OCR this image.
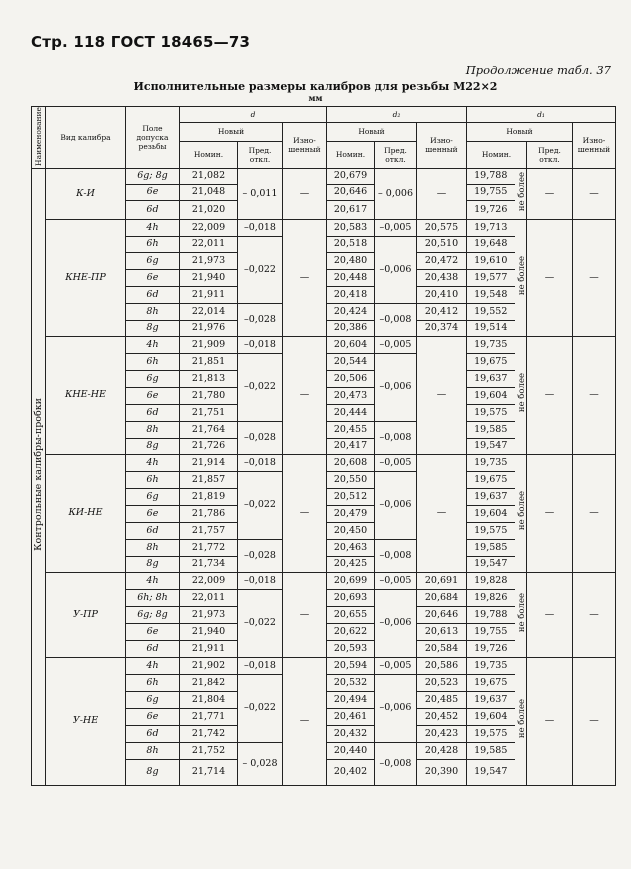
Стр. 118 ГОСТ 18465—73
Продолжение табл. 37
Исполнительные размеры калибров для резьбы M22×2
мм
Наименование	Вид калибра	Поле допуска резьбы	d			d₂			d₁			
			Новый		Изно-шенный	Новый		Изно-шенный	Новый			Изно-шенный
			Номин.	Пред. откл.		Номин.	Пред. откл.		Номин.		Пред. откл.	
Контрольные калибры-пробки	К-И	6g; 8g	21,082	– 0,011	—	20,679	– 0,006	—	19,788	не более	—	—
		6e	21,048			20,646			19,755			
		6d	21,020			20,617			19,726			
	КНЕ-ПР	4h	22,009	–0,018	—	20,583	–0,005	20,575	19,713	не более	—	—
		6h	22,011	–0,022		20,518	–0,006	20,510	19,648			
		6g	21,973			20,480		20,472	19,610			
		6e	21,940			20,448		20,438	19,577			
		6d	21,911			20,418		20,410	19,548			
		8h	22,014	–0,028		20,424	–0,008	20,412	19,552			
		8g	21,976			20,386		20,374	19,514			
	КНЕ-НЕ	4h	21,909	–0,018	—	20,604	–0,005	—	19,735	не более	—	—
		6h	21,851	–0,022		20,544	–0,006		19,675			
		6g	21,813			20,506			19,637			
		6e	21,780			20,473			19,604			
		6d	21,751			20,444			19,575			
		8h	21,764	–0,028		20,455	–0,008		19,585			
		8g	21,726			20,417			19,547			
	КИ-НЕ	4h	21,914	–0,018	—	20,608	–0,005	—	19,735	не более	—	—
		6h	21,857	–0,022		20,550	–0,006		19,675			
		6g	21,819			20,512			19,637			
		6e	21,786			20,479			19,604			
		6d	21,757			20,450			19,575			
		8h	21,772	–0,028		20,463	–0,008		19,585			
		8g	21,734			20,425			19,547			
	У-ПР	4h	22,009	–0,018	—	20,699	–0,005	20,691	19,828	не более	—	—
		6h; 8h	22,011	–0,022		20,693	–0,006	20,684	19,826			
		6g; 8g	21,973			20,655		20,646	19,788			
		6e	21,940			20,622		20,613	19,755			
		6d	21,911			20,593		20,584	19,726			
	У-НЕ	4h	21,902	–0,018	—	20,594	–0,005	20,586	19,735	не более	—	—
		6h	21,842	–0,022		20,532	–0,006	20,523	19,675			
		6g	21,804			20,494		20,485	19,637			
		6e	21,771			20,461		20,452	19,604			
		6d	21,742			20,432		20,423	19,575			
		8h	21,752	– 0,028		20,440	–0,008	20,428	19,585			
		8g	21,714			20,402		20,390	19,547			
